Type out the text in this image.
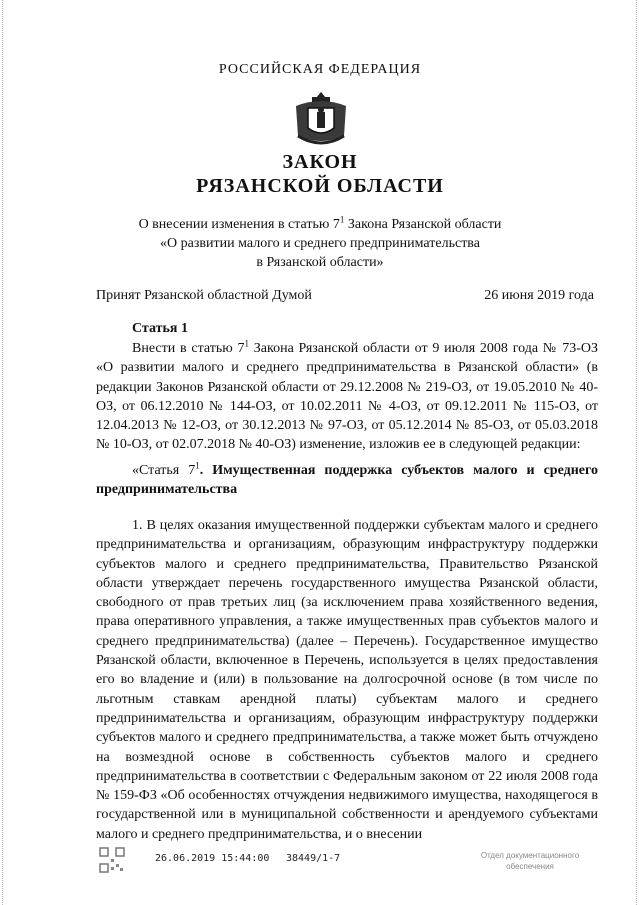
РОССИЙСКАЯ ФЕДЕРАЦИЯ
ЗАКОН
РЯЗАНСКОЙ ОБЛАСТИ
О внесении изменения в статью $7^1$ Закона Рязанской области
«О развитии малого и среднего предпринимательства
в Рязанской области»
Принят Рязанской областной Думой	26 июня 2019 года
Статья 1

Внести в статью $7^1$ Закона Рязанской области от 9 июля 2008 года № 73-ОЗ «О развитии малого и среднего предпринимательства в Рязанской области» (в редакции Законов Рязанской области от 29.12.2008 № 219-ОЗ, от 19.05.2010 № 40-ОЗ, от 06.12.2010 № 144-ОЗ, от 10.02.2011 № 4-ОЗ, от 09.12.2011 № 115-ОЗ, от 12.04.2013 № 12-ОЗ, от 30.12.2013 № 97-ОЗ, от 05.12.2014 № 85-ОЗ, от 05.03.2018 № 10-ОЗ, от 02.07.2018 № 40-ОЗ) изменение, изложив ее в следующей редакции:

«Статья $7^1$. Имущественная поддержка субъектов малого и среднего предпринимательства

1. В целях оказания имущественной поддержки субъектам малого и среднего предпринимательства и организациям, образующим инфраструктуру поддержки субъектов малого и среднего предпринимательства, Правительство Рязанской области утверждает перечень государственного имущества Рязанской области, свободного от прав третьих лиц (за исключением права хозяйственного ведения, права оперативного управления, а также имущественных прав субъектов малого и среднего предпринимательства) (далее – Перечень). Государственное имущество Рязанской области, включенное в Перечень, используется в целях предоставления его во владение и (или) в пользование на долгосрочной основе (в том числе по льготным ставкам арендной платы) субъектам малого и среднего предпринимательства и организациям, образующим инфраструктуру поддержки субъектов малого и среднего предпринимательства, а также может быть отчуждено на возмездной основе в собственность субъектов малого и среднего предпринимательства в соответствии с Федеральным законом от 22 июля 2008 года № 159-ФЗ «Об особенностях отчуждения недвижимого имущества, находящегося в государственной или в муниципальной собственности и арендуемого субъектами малого и среднего предпринимательства, и о внесении

26.06.2019 15:44:00 38449/1-7	Отдел документационного
обеспечения
